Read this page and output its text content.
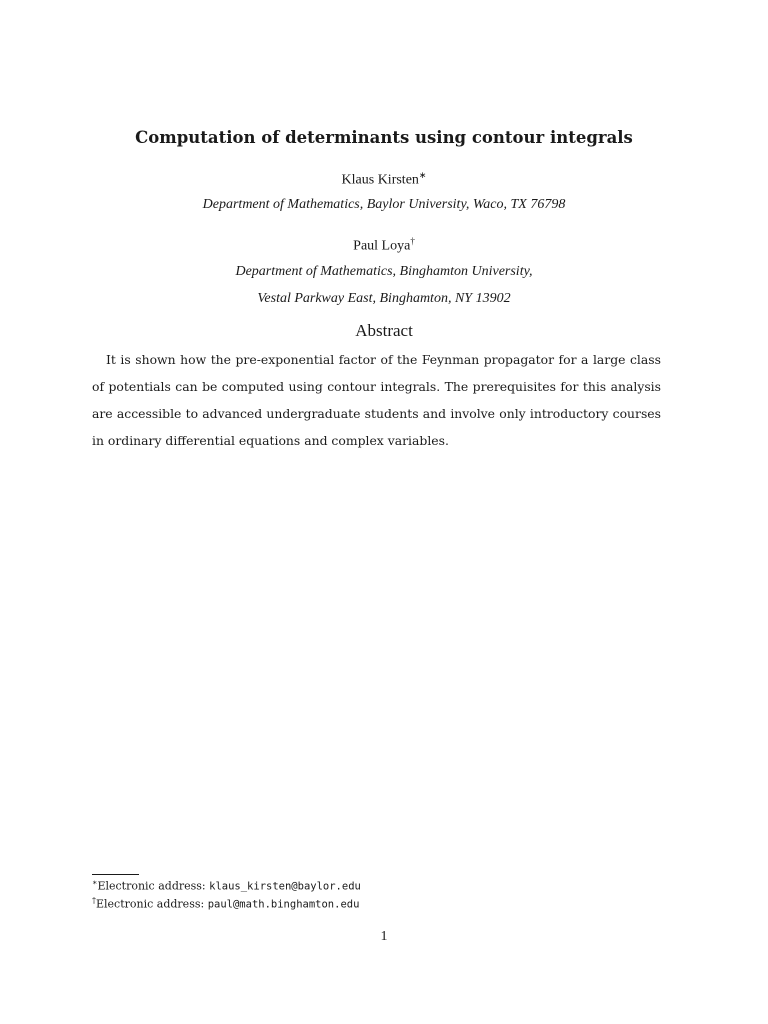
Computation of determinants using contour integrals
Klaus Kirsten∗
Department of Mathematics, Baylor University, Waco, TX 76798
Paul Loya†
Department of Mathematics, Binghamton University,
Vestal Parkway East, Binghamton, NY 13902
Abstract
It is shown how the pre-exponential factor of the Feynman propagator for a large class of potentials can be computed using contour integrals. The prerequisites for this analysis are accessible to advanced undergraduate students and involve only introductory courses in ordinary differential equations and complex variables.
∗Electronic address: klaus_kirsten@baylor.edu
†Electronic address: paul@math.binghamton.edu
1
